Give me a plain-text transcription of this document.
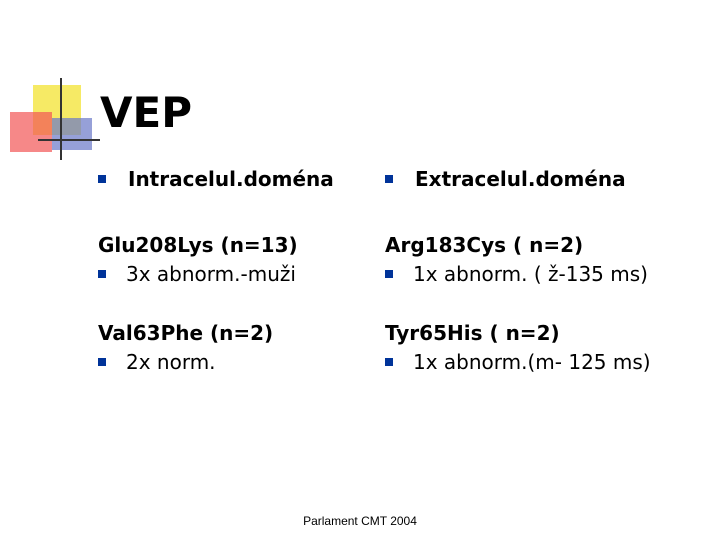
VEP
Intracelul.doména
Glu208Lys (n=13)
3x abnorm.-muži
Val63Phe (n=2)
2x norm.
Extracelul.doména
Arg183Cys ( n=2)
1x abnorm. ( ž-135 ms)
Tyr65His ( n=2)
1x abnorm.(m- 125 ms)
Parlament CMT 2004
